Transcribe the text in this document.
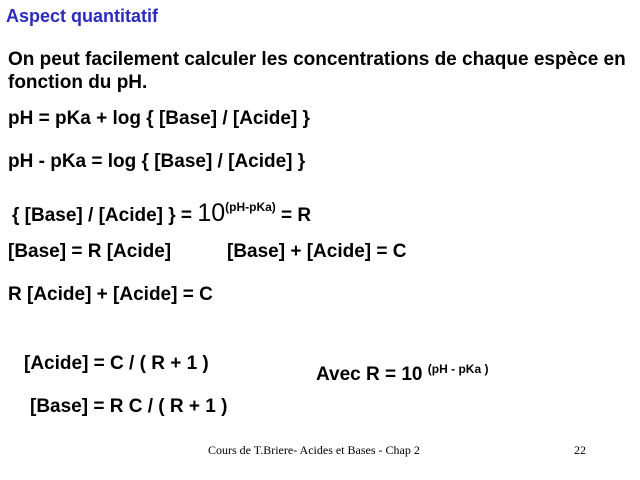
Aspect quantitatif
On peut facilement calculer les concentrations de chaque espèce en fonction du pH.
pH = pKa + log { [Base] / [Acide] }
pH - pKa = log { [Base] / [Acide] }
{ [Base] / [Acide] } = $10^{(pH-pKa)} = R$
[Base] = R [Acide]	[Base] + [Acide] = C
R [Acide] + [Acide] = C
[Acide] = C / ( R + 1 )
Avec R = 10 $^{(pH - pKa )}$
[Base] = R C / ( R + 1 )
Cours de T.Briere- Acides et Bases - Chap 2	22
